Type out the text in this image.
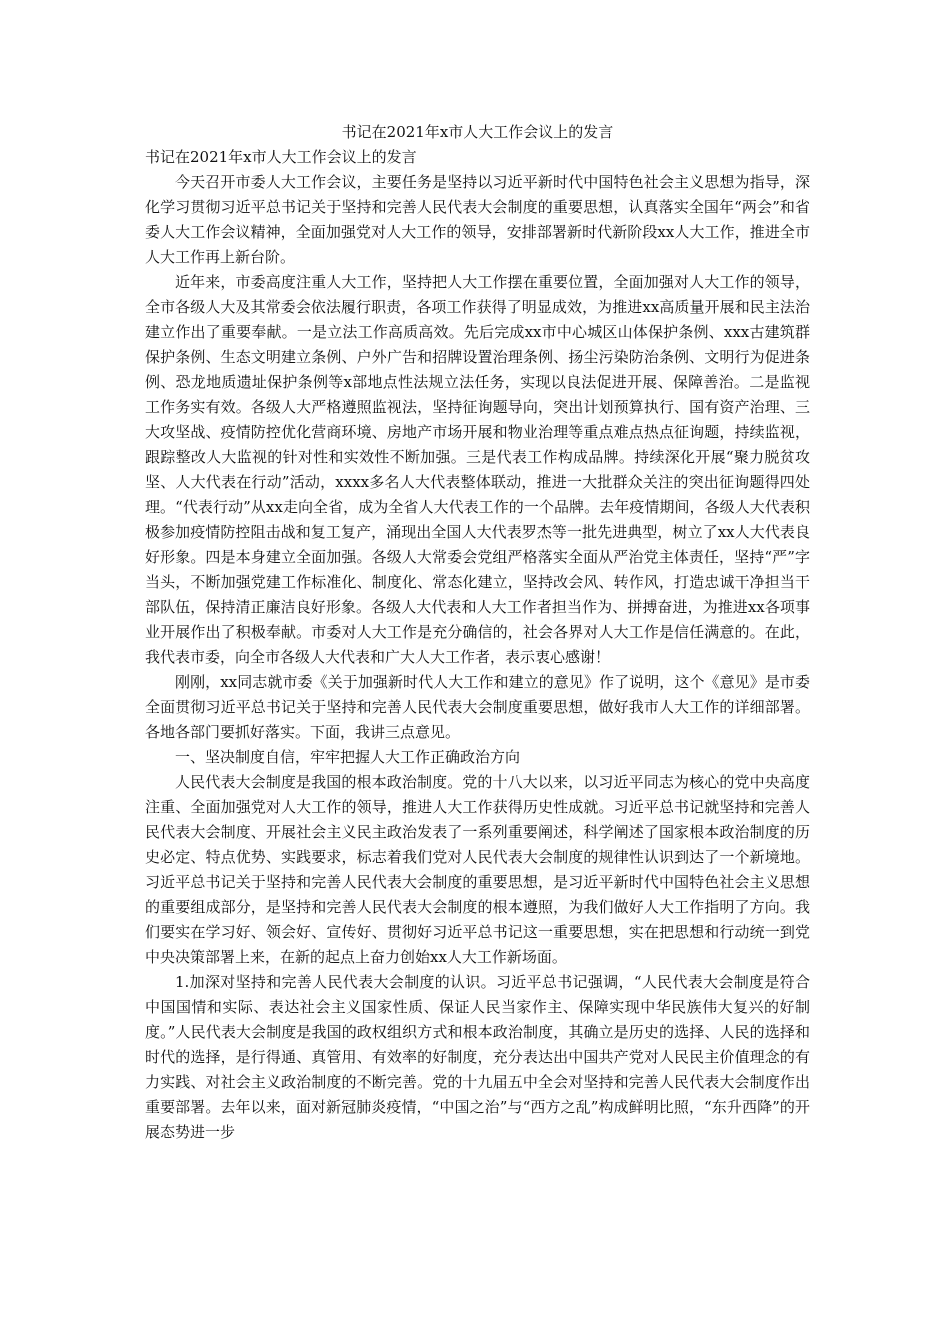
书记在2021年x市人大工作会议上的发言
书记在2021年x市人大工作会议上的发言

今天召开市委人大工作会议，主要任务是坚持以习近平新时代中国特色社会主义思想为指导，深化学习贯彻习近平总书记关于坚持和完善人民代表大会制度的重要思想，认真落实全国年“两会”和省委人大工作会议精神，全面加强党对人大工作的领导，安排部署新时代新阶段xx人大工作，推进全市人大工作再上新台阶。

近年来，市委高度注重人大工作，坚持把人大工作摆在重要位置，全面加强对人大工作的领导，全市各级人大及其常委会依法履行职责，各项工作获得了明显成效，为推进xx高质量开展和民主法治建立作出了重要奉献。一是立法工作高质高效。先后完成xx市中心城区山体保护条例、xxx古建筑群保护条例、生态文明建立条例、户外广告和招牌设置治理条例、扬尘污染防治条例、文明行为促进条例、恐龙地质遗址保护条例等x部地点性法规立法任务，实现以良法促进开展、保障善治。二是监视工作务实有效。各级人大严格遵照监视法，坚持征询题导向，突出计划预算执行、国有资产治理、三大攻坚战、疫情防控优化营商环境、房地产市场开展和物业治理等重点难点热点征询题，持续监视，跟踪整改人大监视的针对性和实效性不断加强。三是代表工作构成品牌。持续深化开展“聚力脱贫攻坚、人大代表在行动”活动，xxxx多名人大代表整体联动，推进一大批群众关注的突出征询题得四处理。“代表行动”从xx走向全省，成为全省人大代表工作的一个品牌。去年疫情期间，各级人大代表积极参加疫情防控阻击战和复工复产，涌现出全国人大代表罗杰等一批先进典型，树立了xx人大代表良好形象。四是本身建立全面加强。各级人大常委会党组严格落实全面从严治党主体责任，坚持“严”字当头，不断加强党建工作标准化、制度化、常态化建立，坚持改会风、转作风，打造忠诚干净担当干部队伍，保持清正廉洁良好形象。各级人大代表和人大工作者担当作为、拼搏奋进，为推进xx各项事业开展作出了积极奉献。市委对人大工作是充分确信的，社会各界对人大工作是信任满意的。在此，我代表市委，向全市各级人大代表和广大人大工作者，表示衷心感谢！

刚刚，xx同志就市委《关于加强新时代人大工作和建立的意见》作了说明，这个《意见》是市委全面贯彻习近平总书记关于坚持和完善人民代表大会制度重要思想，做好我市人大工作的详细部署。各地各部门要抓好落实。下面，我讲三点意见。

一、坚决制度自信，牢牢把握人大工作正确政治方向

人民代表大会制度是我国的根本政治制度。党的十八大以来，以习近平同志为核心的党中央高度注重、全面加强党对人大工作的领导，推进人大工作获得历史性成就。习近平总书记就坚持和完善人民代表大会制度、开展社会主义民主政治发表了一系列重要阐述，科学阐述了国家根本政治制度的历史必定、特点优势、实践要求，标志着我们党对人民代表大会制度的规律性认识到达了一个新境地。习近平总书记关于坚持和完善人民代表大会制度的重要思想，是习近平新时代中国特色社会主义思想的重要组成部分，是坚持和完善人民代表大会制度的根本遵照，为我们做好人大工作指明了方向。我们要实在学习好、领会好、宣传好、贯彻好习近平总书记这一重要思想，实在把思想和行动统一到党中央决策部署上来，在新的起点上奋力创始xx人大工作新场面。

1.加深对坚持和完善人民代表大会制度的认识。习近平总书记强调，“人民代表大会制度是符合中国国情和实际、表达社会主义国家性质、保证人民当家作主、保障实现中华民族伟大复兴的好制度。”人民代表大会制度是我国的政权组织方式和根本政治制度，其确立是历史的选择、人民的选择和时代的选择，是行得通、真管用、有效率的好制度，充分表达出中国共产党对人民民主价值理念的有力实践、对社会主义政治制度的不断完善。党的十九届五中全会对坚持和完善人民代表大会制度作出重要部署。去年以来，面对新冠肺炎疫情，“中国之治”与“西方之乱”构成鲜明比照，“东升西降”的开展态势进一步
